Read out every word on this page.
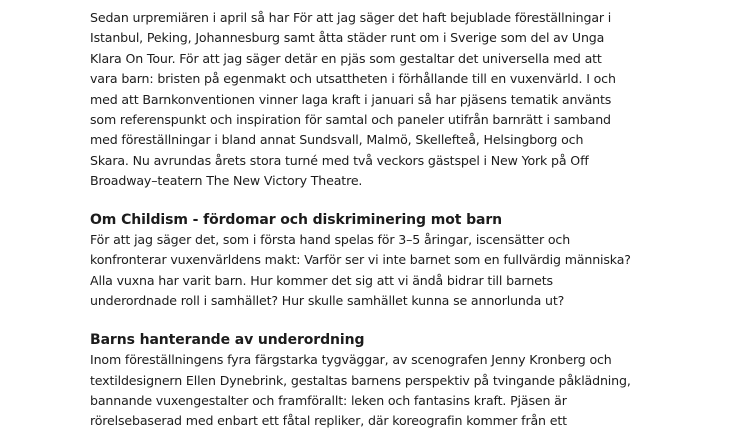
Sedan urpremiären i april så har För att jag säger det haft bejublade föreställningar i
Istanbul, Peking, Johannesburg samt åtta städer runt om i Sverige som del av Unga
Klara On Tour. För att jag säger detär en pjäs som gestaltar det universella med att
vara barn: bristen på egenmakt och utsattheten i förhållande till en vuxenvärld. I och
med att Barnkonventionen vinner laga kraft i januari så har pjäsens tematik använts
som referenspunkt och inspiration för samtal och paneler utifrån barnrätt i samband
med föreställningar i bland annat Sundsvall, Malmö, Skellefteå, Helsingborg och
Skara. Nu avrundas årets stora turné med två veckors gästspel i New York på Off
Broadway–teatern The New Victory Theatre.

Om Childism - fördomar och diskriminering mot barn

För att jag säger det, som i första hand spelas för 3–5 åringar, iscensätter och
konfronterar vuxenvärldens makt: Varför ser vi inte barnet som en fullvärdig människa?
Alla vuxna har varit barn. Hur kommer det sig att vi ändå bidrar till barnets
underordnade roll i samhället? Hur skulle samhället kunna se annorlunda ut?

Barns hanterande av underordning

Inom föreställningens fyra färgstarka tygväggar, av scenografen Jenny Kronberg och
textildesignern Ellen Dynebrink, gestaltas barnens perspektiv på tvingande påklädning,
bannande vuxengestalter och framförallt: leken och fantasins kraft. Pjäsen är
rörelsebaserad med enbart ett fåtal repliker, där koreografin kommer från ett
